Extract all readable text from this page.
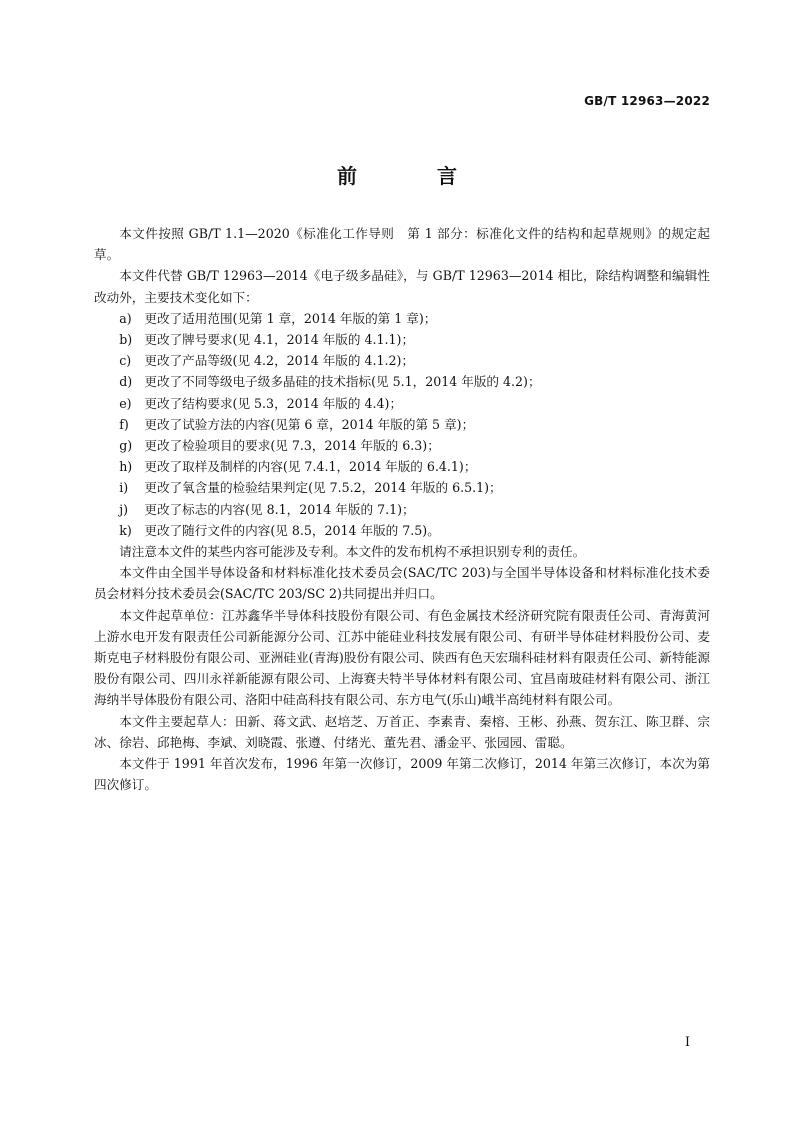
GB/T 12963—2022
前　言

本文件按照 GB/T 1.1—2020《标准化工作导则　第 1 部分：标准化文件的结构和起草规则》的规定起草。

本文件代替 GB/T 12963—2014《电子级多晶硅》，与 GB/T 12963—2014 相比，除结构调整和编辑性改动外，主要技术变化如下：

a) 更改了适用范围(见第 1 章，2014 年版的第 1 章)；
b) 更改了牌号要求(见 4.1，2014 年版的 4.1.1)；
c) 更改了产品等级(见 4.2，2014 年版的 4.1.2)；
d) 更改了不同等级电子级多晶硅的技术指标(见 5.1，2014 年版的 4.2)；
e) 更改了结构要求(见 5.3，2014 年版的 4.4)；
f) 更改了试验方法的内容(见第 6 章，2014 年版的第 5 章)；
g) 更改了检验项目的要求(见 7.3，2014 年版的 6.3)；
h) 更改了取样及制样的内容(见 7.4.1，2014 年版的 6.4.1)；
i) 更改了氧含量的检验结果判定(见 7.5.2，2014 年版的 6.5.1)；
j) 更改了标志的内容(见 8.1，2014 年版的 7.1)；
k) 更改了随行文件的内容(见 8.5，2014 年版的 7.5)。

请注意本文件的某些内容可能涉及专利。本文件的发布机构不承担识别专利的责任。

本文件由全国半导体设备和材料标准化技术委员会(SAC/TC 203)与全国半导体设备和材料标准化技术委员会材料分技术委员会(SAC/TC 203/SC 2)共同提出并归口。

本文件起草单位：江苏鑫华半导体科技股份有限公司、有色金属技术经济研究院有限责任公司、青海黄河上游水电开发有限责任公司新能源分公司、江苏中能硅业科技发展有限公司、有研半导体硅材料股份公司、麦斯克电子材料股份有限公司、亚洲硅业(青海)股份有限公司、陕西有色天宏瑞科硅材料有限责任公司、新特能源股份有限公司、四川永祥新能源有限公司、上海赛夫特半导体材料有限公司、宜昌南玻硅材料有限公司、浙江海纳半导体股份有限公司、洛阳中硅高科技有限公司、东方电气(乐山)峨半高纯材料有限公司。

本文件主要起草人：田新、蒋文武、赵培芝、万首正、李素青、秦榕、王彬、孙燕、贺东江、陈卫群、宗冰、徐岩、邱艳梅、李斌、刘晓霞、张遵、付绪光、董先君、潘金平、张园园、雷聪。

本文件于 1991 年首次发布，1996 年第一次修订，2009 年第二次修订，2014 年第三次修订，本次为第四次修订。

I
